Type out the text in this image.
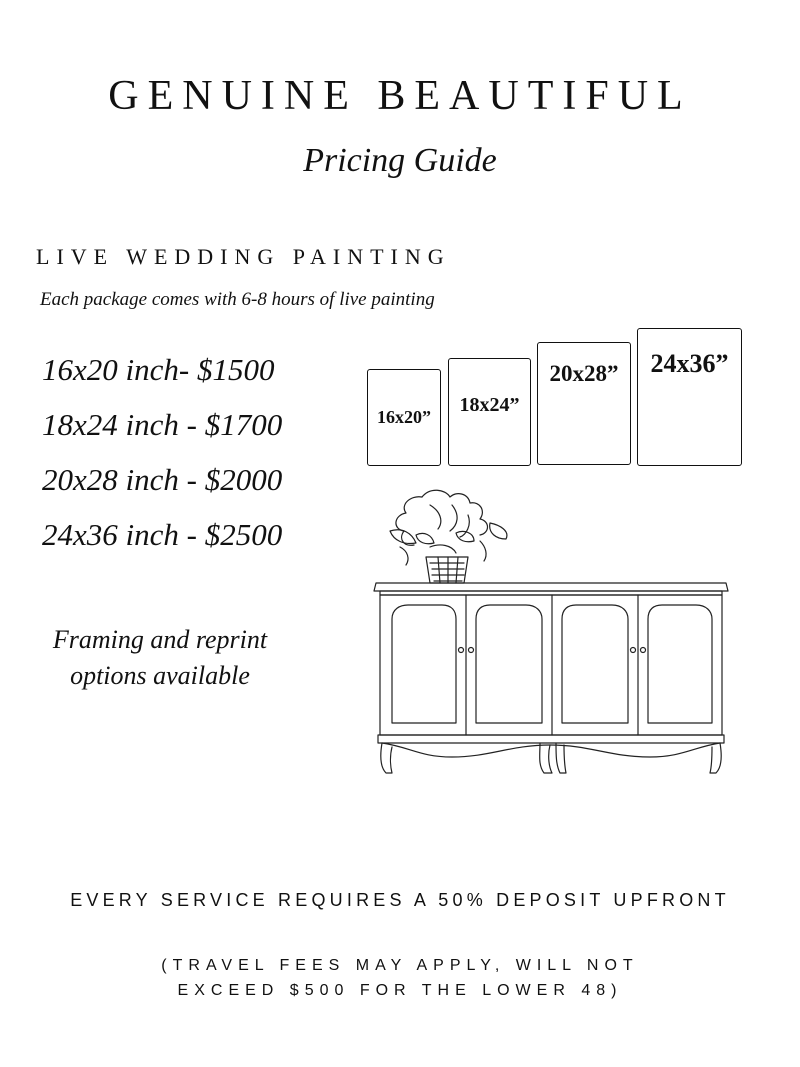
GENUINE BEAUTIFUL
Pricing Guide
LIVE WEDDING PAINTING
Each package comes with 6-8 hours of live painting
16x20 inch- $1500
18x24 inch - $1700
20x28 inch - $2000
24x36 inch - $2500
Framing and reprint
options available
16x20”
18x24”
20x28” 24x36”
EVERY SERVICE REQUIRES A 50% DEPOSIT UPFRONT
(TRAVEL FEES MAY APPLY, WILL NOT
EXCEED $500 FOR THE LOWER 48)
